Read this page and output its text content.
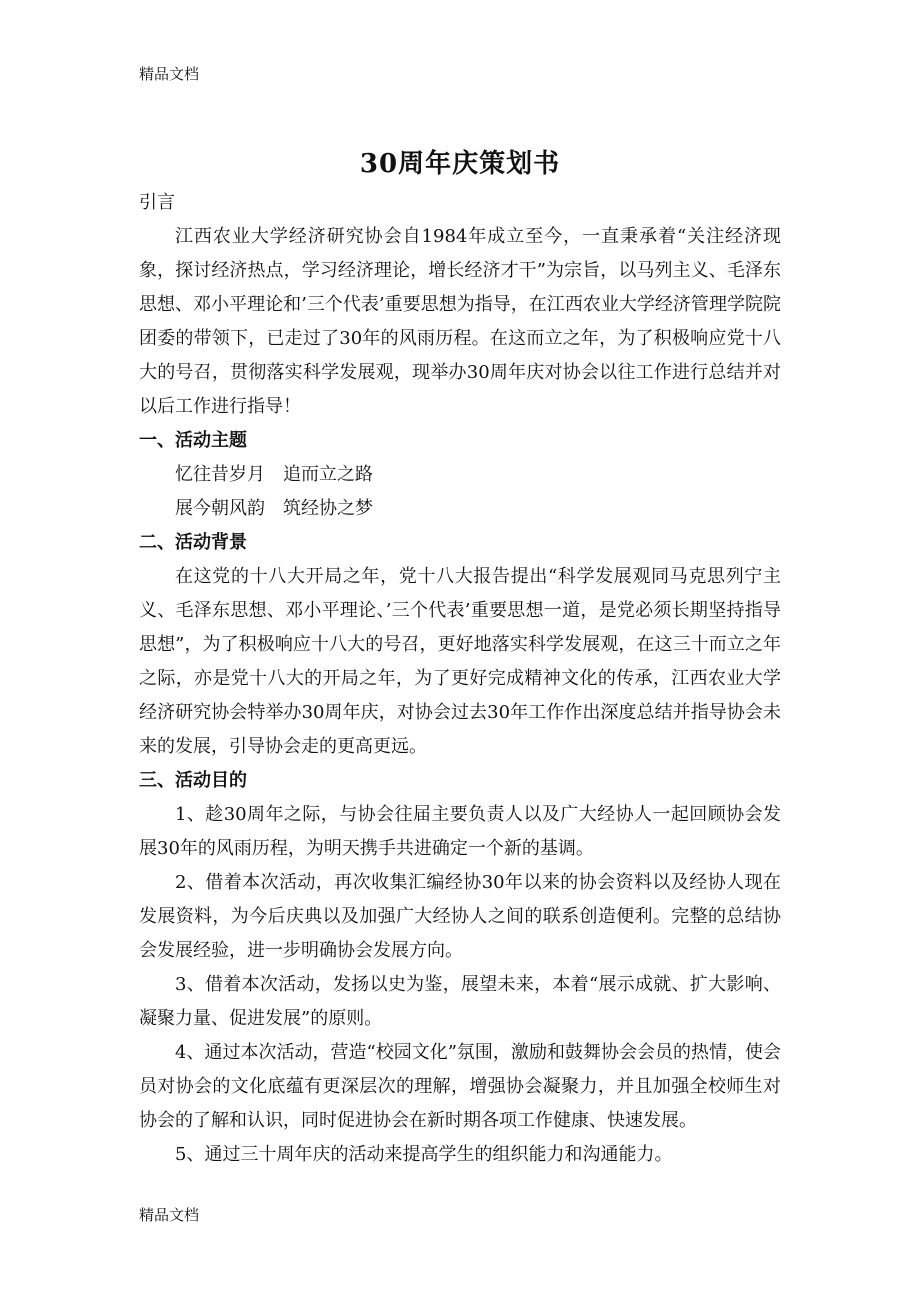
精品文档
30周年庆策划书

引言

江西农业大学经济研究协会自1984年成立至今，一直秉承着“关注经济现象，探讨经济热点，学习经济理论，增长经济才干”为宗旨，以马列主义、毛泽东思想、邓小平理论和’三个代表’重要思想为指导，在江西农业大学经济管理学院院团委的带领下，已走过了30年的风雨历程。在这而立之年，为了积极响应党十八大的号召，贯彻落实科学发展观，现举办30周年庆对协会以往工作进行总结并对以后工作进行指导！

一、活动主题

忆往昔岁月　追而立之路

展今朝风韵　筑经协之梦

二、活动背景

在这党的十八大开局之年，党十八大报告提出“科学发展观同马克思列宁主义、毛泽东思想、邓小平理论、’三个代表’重要思想一道，是党必须长期坚持指导思想”，为了积极响应十八大的号召，更好地落实科学发展观，在这三十而立之年之际，亦是党十八大的开局之年，为了更好完成精神文化的传承，江西农业大学经济研究协会特举办30周年庆，对协会过去30年工作作出深度总结并指导协会未来的发展，引导协会走的更高更远。

三、活动目的

1、趁30周年之际，与协会往届主要负责人以及广大经协人一起回顾协会发展30年的风雨历程，为明天携手共进确定一个新的基调。

2、借着本次活动，再次收集汇编经协30年以来的协会资料以及经协人现在发展资料，为今后庆典以及加强广大经协人之间的联系创造便利。完整的总结协会发展经验，进一步明确协会发展方向。

3、借着本次活动，发扬以史为鉴，展望未来，本着“展示成就、扩大影响、凝聚力量、促进发展”的原则。

4、通过本次活动，营造“校园文化”氛围，激励和鼓舞协会会员的热情，使会员对协会的文化底蕴有更深层次的理解，增强协会凝聚力，并且加强全校师生对协会的了解和认识，同时促进协会在新时期各项工作健康、快速发展。

5、通过三十周年庆的活动来提高学生的组织能力和沟通能力。

精品文档
